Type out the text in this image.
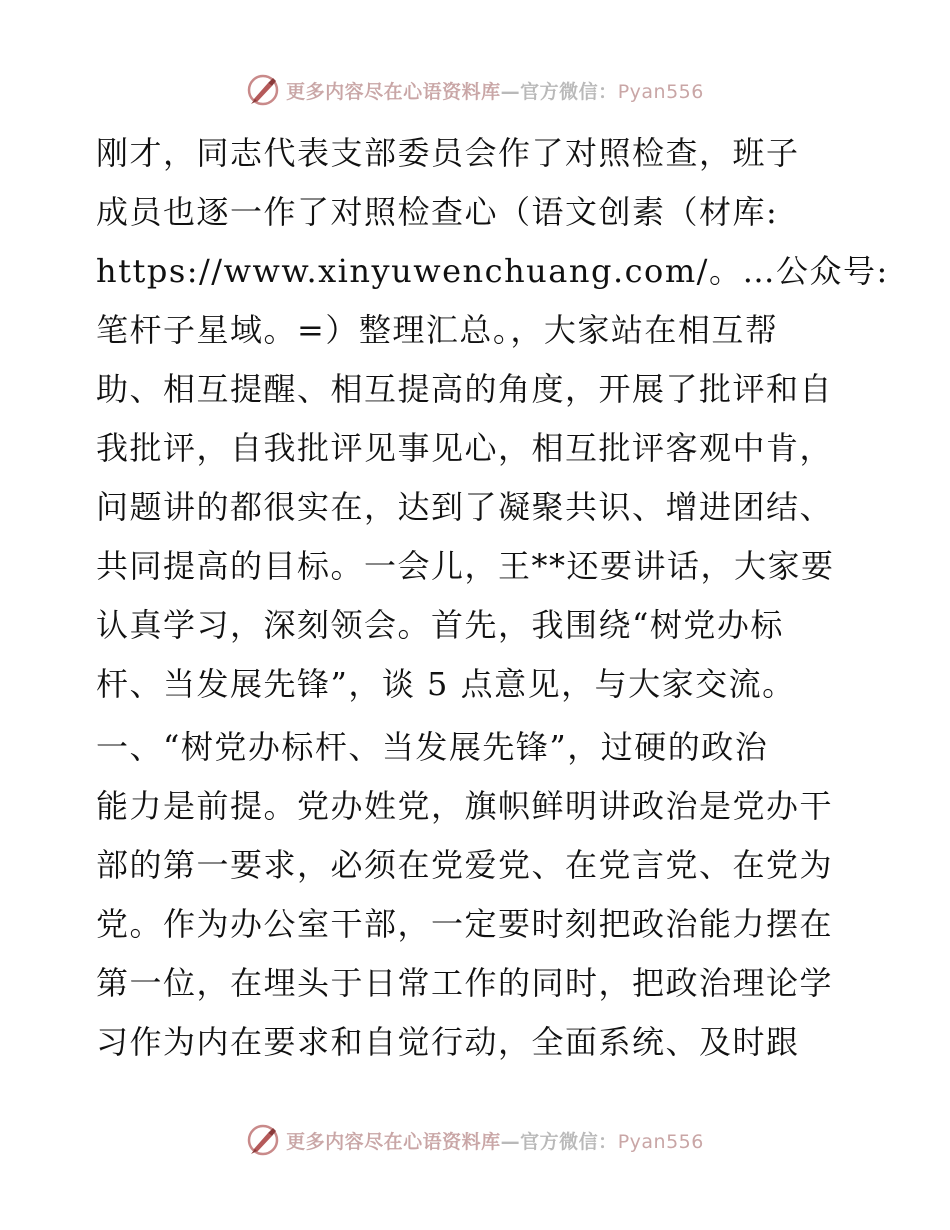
更多内容尽在心语资料库—官方微信：Pyan556
刚才，同志代表支部委员会作了对照检查，班子
成员也逐一作了对照检查心（语文创素（材库:
https://www.xinyuwenchuang.com/。…公众号:
笔杆子星域。=）整理汇总。，大家站在相互帮
助、相互提醒、相互提高的角度，开展了批评和自
我批评，自我批评见事见心，相互批评客观中肯，
问题讲的都很实在，达到了凝聚共识、增进团结、
共同提高的目标。一会儿，王**还要讲话，大家要
认真学习，深刻领会。首先，我围绕“树党办标
杆、当发展先锋”，谈 5 点意见，与大家交流。
一、“树党办标杆、当发展先锋”，过硬的政治
能力是前提。党办姓党，旗帜鲜明讲政治是党办干
部的第一要求，必须在党爱党、在党言党、在党为
党。作为办公室干部，一定要时刻把政治能力摆在
第一位，在埋头于日常工作的同时，把政治理论学
习作为内在要求和自觉行动，全面系统、及时跟
更多内容尽在心语资料库—官方微信：Pyan556
